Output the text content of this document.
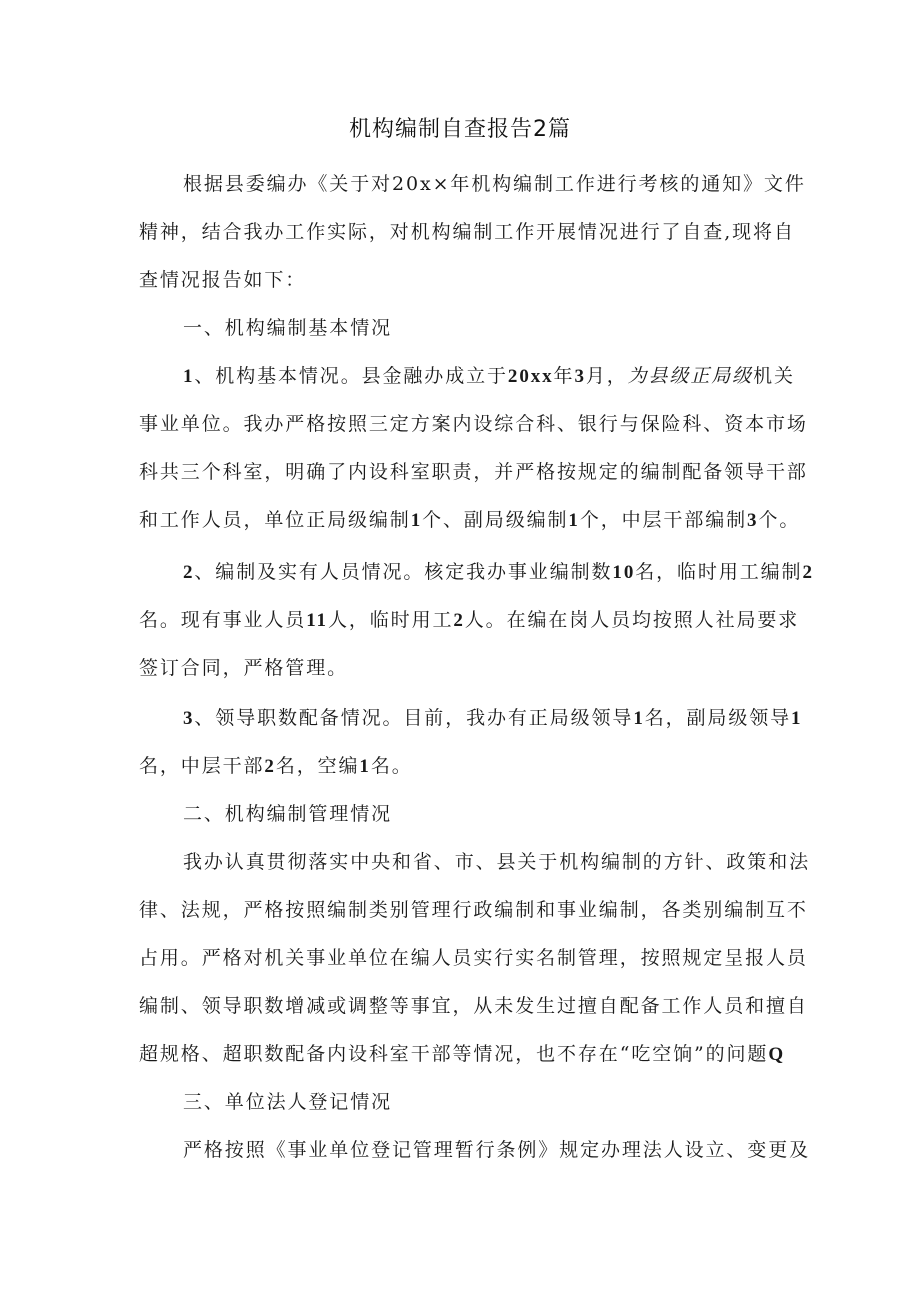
机构编制自查报告2篇
根据县委编办《关于对20x×年机构编制工作进行考核的通知》文件
精神，结合我办工作实际，对机构编制工作开展情况进行了自查,现将自
查情况报告如下：
一、机构编制基本情况
1、机构基本情况。县金融办成立于20xx年3月，为县级正局级机关
事业单位。我办严格按照三定方案内设综合科、银行与保险科、资本市场
科共三个科室，明确了内设科室职责，并严格按规定的编制配备领导干部
和工作人员，单位正局级编制1个、副局级编制1个，中层干部编制3个。
2、编制及实有人员情况。核定我办事业编制数10名，临时用工编制2
名。现有事业人员11人，临时用工2人。在编在岗人员均按照人社局要求
签订合同，严格管理。
3、领导职数配备情况。目前，我办有正局级领导1名，副局级领导1
名，中层干部2名，空编1名。
二、机构编制管理情况
我办认真贯彻落实中央和省、市、县关于机构编制的方针、政策和法
律、法规，严格按照编制类别管理行政编制和事业编制，各类别编制互不
占用。严格对机关事业单位在编人员实行实名制管理，按照规定呈报人员
编制、领导职数增减或调整等事宜，从未发生过擅自配备工作人员和擅自
超规格、超职数配备内设科室干部等情况，也不存在“吃空饷”的问题Q
三、单位法人登记情况
严格按照《事业单位登记管理暂行条例》规定办理法人设立、变更及
